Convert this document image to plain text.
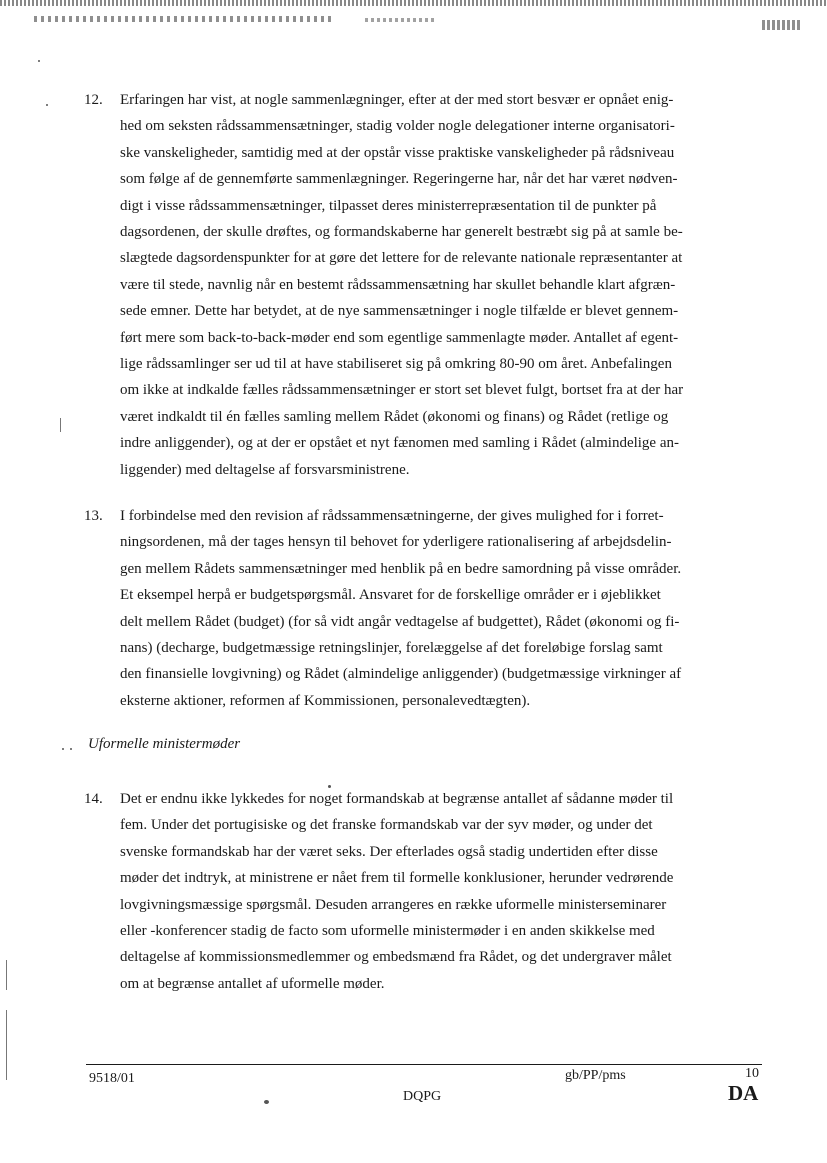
12. Erfaringen har vist, at nogle sammenlægninger, efter at der med stort besvær er opnået enig-
hed om seksten rådssammensætninger, stadig volder nogle delegationer interne organisatori-
ske vanskeligheder, samtidig med at der opstår visse praktiske vanskeligheder på rådsniveau
som følge af de gennemførte sammenlægninger. Regeringerne har, når det har været nødven-
digt i visse rådssammensætninger, tilpasset deres ministerrepræsentation til de punkter på
dagsordenen, der skulle drøftes, og formandskaberne har generelt bestræbt sig på at samle be-
slægtede dagsordenspunkter for at gøre det lettere for de relevante nationale repræsentanter at
være til stede, navnlig når en bestemt rådssammensætning har skullet behandle klart afgræn-
sede emner. Dette har betydet, at de nye sammensætninger i nogle tilfælde er blevet gennem-
ført mere som back-to-back-møder end som egentlige sammenlagte møder. Antallet af egent-
lige rådssamlinger ser ud til at have stabiliseret sig på omkring 80-90 om året. Anbefalingen
om ikke at indkalde fælles rådssammensætninger er stort set blevet fulgt, bortset fra at der har
været indkaldt til én fælles samling mellem Rådet (økonomi og finans) og Rådet (retlige og
indre anliggender), og at der er opstået et nyt fænomen med samling i Rådet (almindelige an-
liggender) med deltagelse af forsvarsministrene.
13. I forbindelse med den revision af rådssammensætningerne, der gives mulighed for i forret-
ningsordenen, må der tages hensyn til behovet for yderligere rationalisering af arbejdsdelin-
gen mellem Rådets sammensætninger med henblik på en bedre samordning på visse områder.
Et eksempel herpå er budgetspørgsmål. Ansvaret for de forskellige områder er i øjeblikket
delt mellem Rådet (budget) (for så vidt angår vedtagelse af budgettet), Rådet (økonomi og fi-
nans) (decharge, budgetmæssige retningslinjer, forelæggelse af det foreløbige forslag samt
den finansielle lovgivning) og Rådet (almindelige anliggender) (budgetmæssige virkninger af
eksterne aktioner, reformen af Kommissionen, personalevedtægten).
Uformelle ministermøder
14. Det er endnu ikke lykkedes for noget formandskab at begrænse antallet af sådanne møder til
fem. Under det portugisiske og det franske formandskab var der syv møder, og under det
svenske formandskab har der været seks. Der efterlades også stadig undertiden efter disse
møder det indtryk, at ministrene er nået frem til formelle konklusioner, herunder vedrørende
lovgivningsmæssige spørgsmål. Desuden arrangeres en række uformelle ministerseminarer
eller -konferencer stadig de facto som uformelle ministermøder i en anden skikkelse med
deltagelse af kommissionsmedlemmer og embedsmænd fra Rådet, og det undergraver målet
om at begrænse antallet af uformelle møder.
9518/01
DQPG
gb/PP/pms	10
DA
